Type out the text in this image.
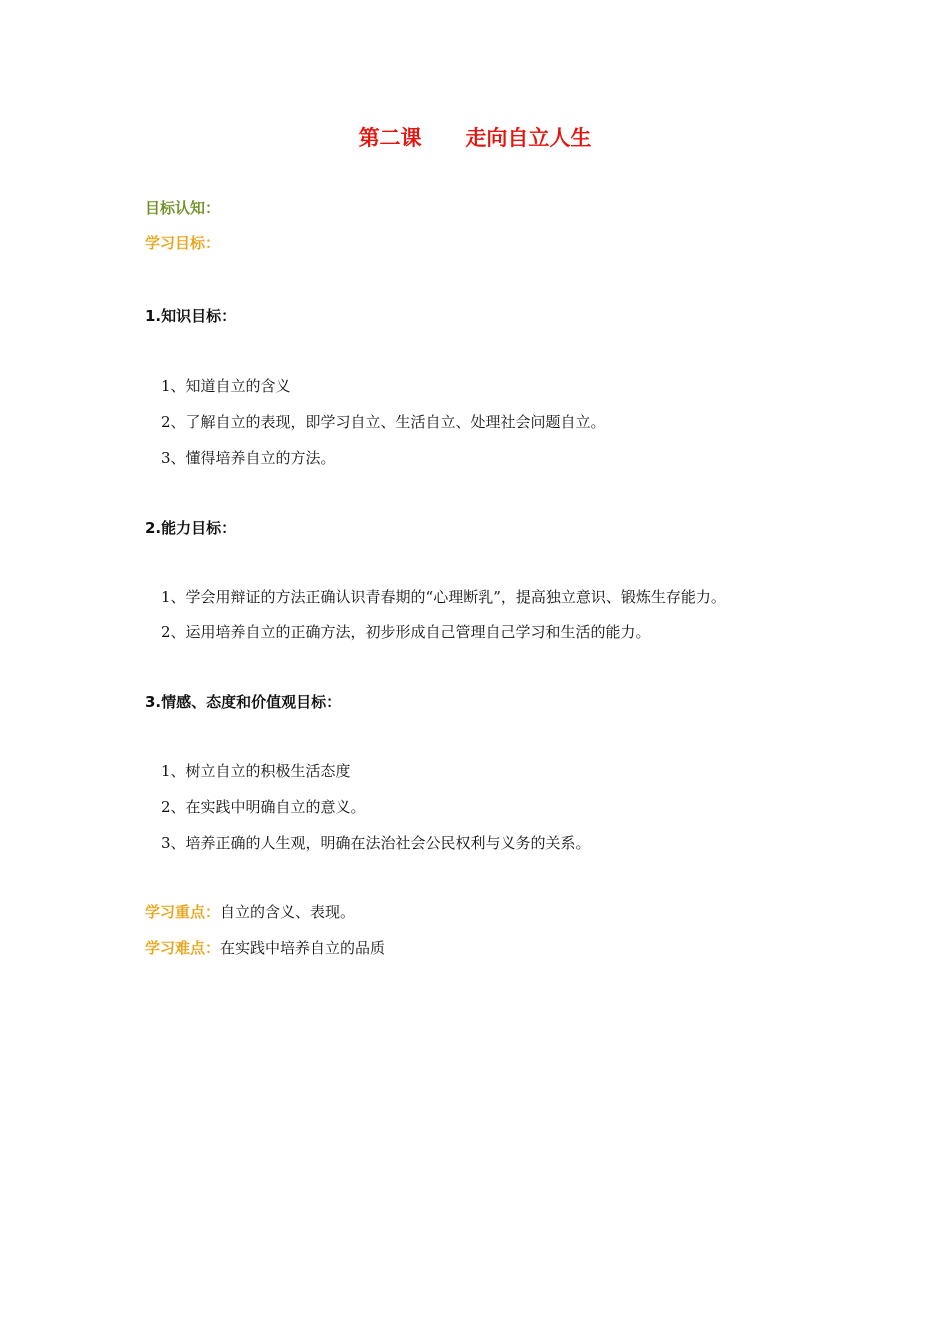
第二课      走向自立人生
目标认知：
学习目标：
1.知识目标：
1、知道自立的含义
2、了解自立的表现，即学习自立、生活自立、处理社会问题自立。
3、懂得培养自立的方法。
2.能力目标：
1、学会用辩证的方法正确认识青春期的“心理断乳”，提高独立意识、锻炼生存能力。
2、运用培养自立的正确方法，初步形成自己管理自己学习和生活的能力。
3.情感、态度和价值观目标：
1、树立自立的积极生活态度
2、在实践中明确自立的意义。
3、培养正确的人生观，明确在法治社会公民权利与义务的关系。
学习重点：自立的含义、表现。
学习难点：在实践中培养自立的品质
